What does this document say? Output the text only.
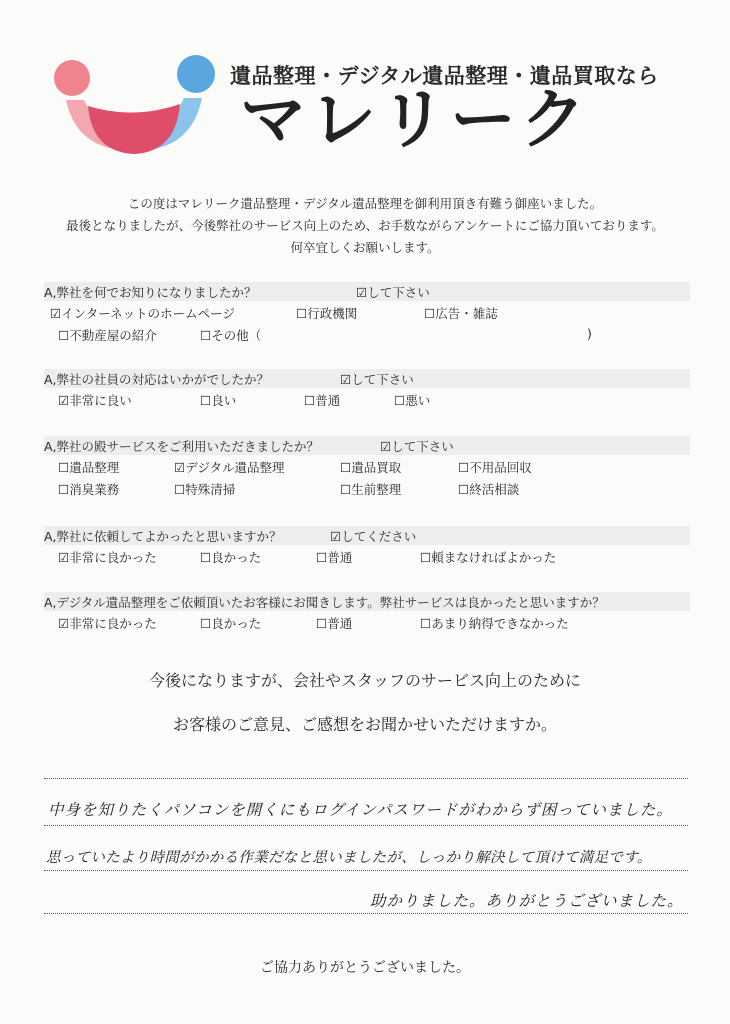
遺品整理・デジタル遺品整理・遺品買取なら
マレリーク
この度はマレリーク遺品整理・デジタル遺品整理を御利用頂き有難う御座いました。
最後となりましたが、今後弊社のサービス向上のため、お手数ながらアンケートにご協力頂いております。
何卒宜しくお願いします。
A,弊社を何でお知りになりましたか？	☑して下さい
☑インターネットのホームページ	☐行政機関	☐広告・雑誌
☐不動産屋の紹介	☐その他（	)
A,弊社の社員の対応はいかがでしたか？	☑して下さい
☑非常に良い	☐良い	☐普通	☐悪い
A,弊社の殿サービスをご利用いただきましたか？	☑して下さい
☐遺品整理	☑デジタル遺品整理	☐遺品買取	☐不用品回収
☐消臭業務	☐特殊清掃	☐生前整理	☐終活相談
A,弊社に依頼してよかったと思いますか？	☑してください
☑非常に良かった	☐良かった	☐普通	☐頼まなければよかった
A,デジタル遺品整理をご依頼頂いたお客様にお聞きします。弊社サービスは良かったと思いますか？
☑非常に良かった	☐良かった	☐普通	☐あまり納得できなかった
今後になりますが、会社やスタッフのサービス向上のために
お客様のご意見、ご感想をお聞かせいただけますか。
中身を知りたくパソコンを開くにもログインパスワードがわからず困っていました。
思っていたより時間がかかる作業だなと思いましたが、しっかり解決して頂けて満足です。
助かりました。ありがとうございました。
ご協力ありがとうございました。
